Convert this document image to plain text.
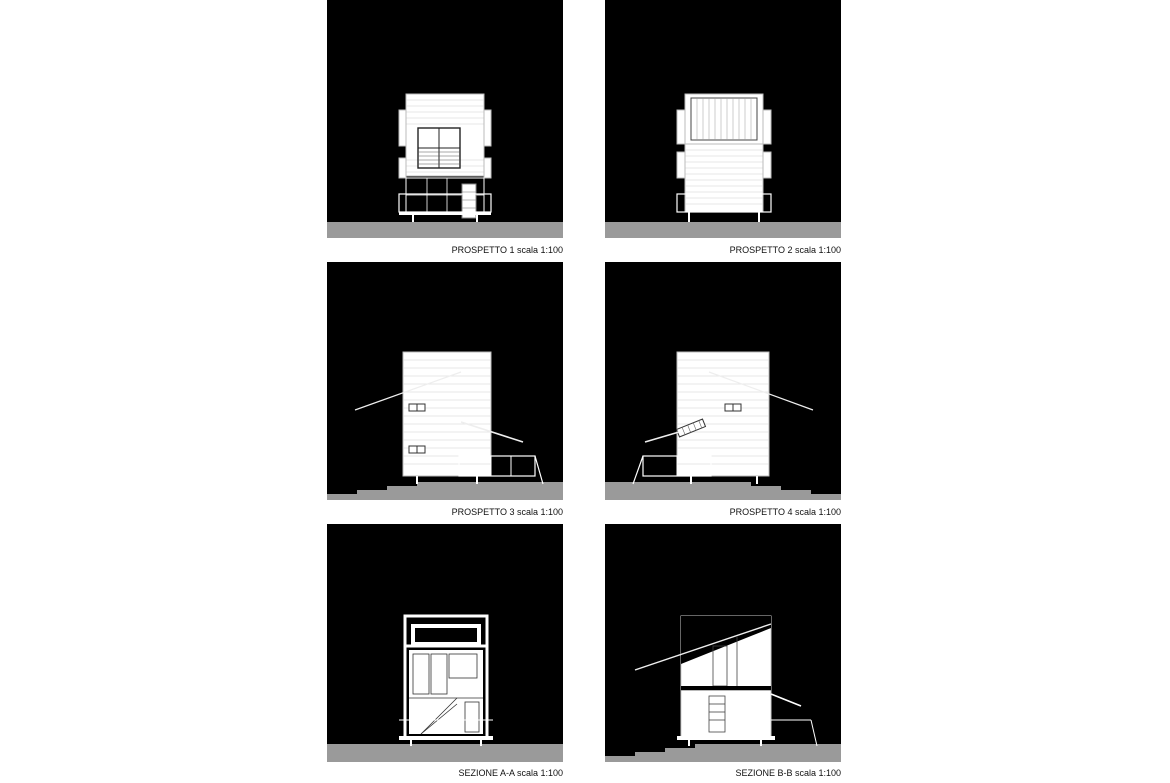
PROSPETTO 1 scala 1:100	PROSPETTO 2 scala 1:100
PROSPETTO 3 scala 1:100	PROSPETTO 4 scala 1:100
SEZIONE A-A scala 1:100	SEZIONE B-B scala 1:100
